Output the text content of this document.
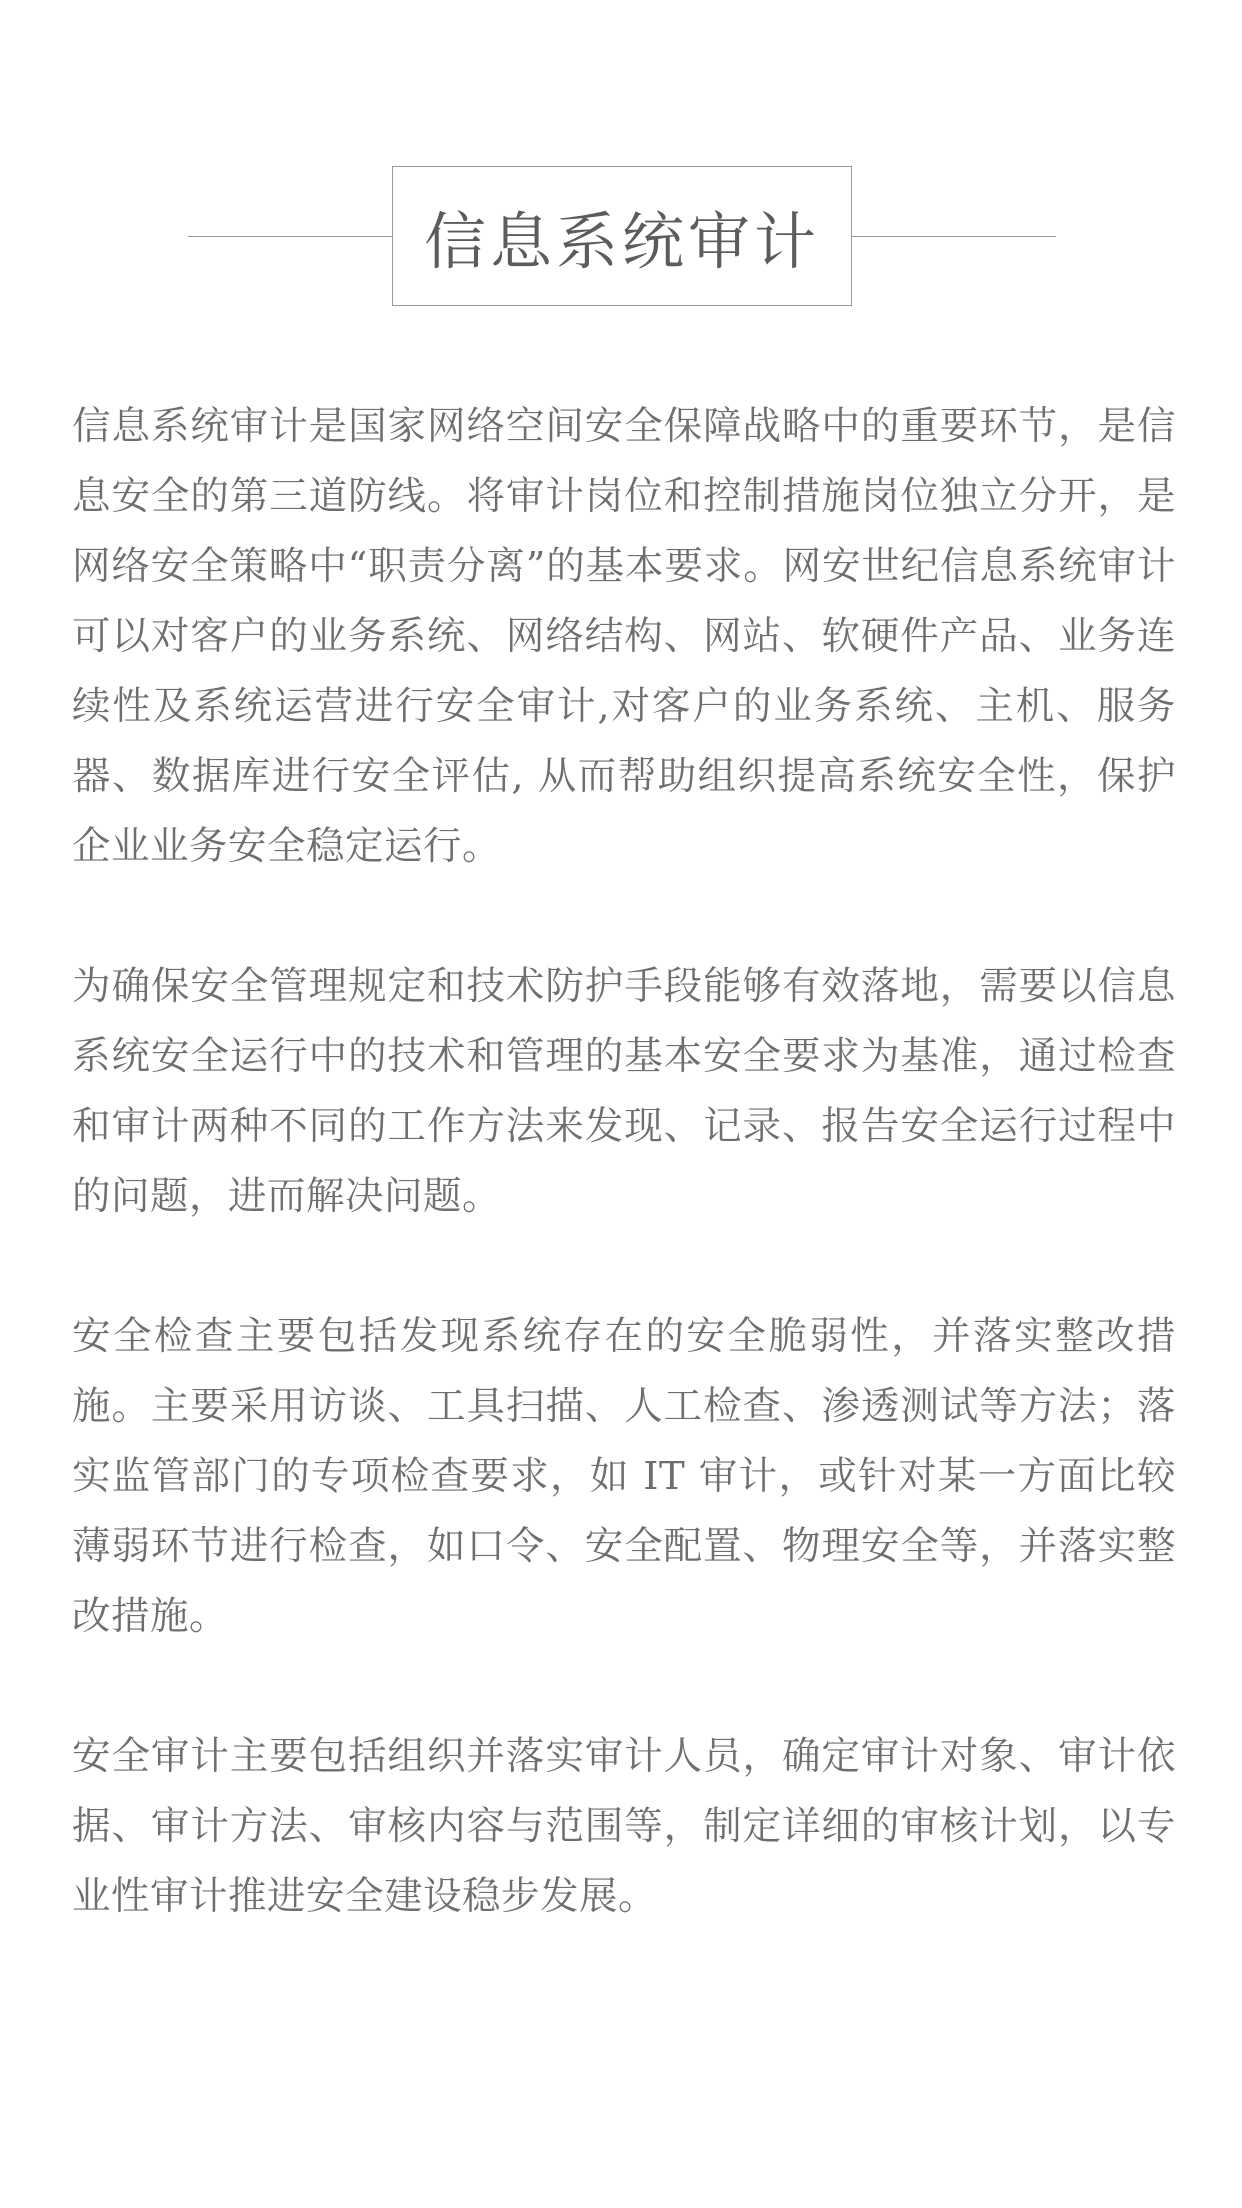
信息系统审计

信息系统审计是国家网络空间安全保障战略中的重要环节，是信息安全的第三道防线。将审计岗位和控制措施岗位独立分开，是网络安全策略中“职责分离”的基本要求。网安世纪信息系统审计可以对客户的业务系统、网络结构、网站、软硬件产品、业务连续性及系统运营进行安全审计,对客户的业务系统、主机、服务器、数据库进行安全评估, 从而帮助组织提高系统安全性，保护企业业务安全稳定运行。

为确保安全管理规定和技术防护手段能够有效落地，需要以信息系统安全运行中的技术和管理的基本安全要求为基准，通过检查和审计两种不同的工作方法来发现、记录、报告安全运行过程中的问题，进而解决问题。

安全检查主要包括发现系统存在的安全脆弱性，并落实整改措施。主要采用访谈、工具扫描、人工检查、渗透测试等方法；落实监管部门的专项检查要求，如 IT 审计，或针对某一方面比较薄弱环节进行检查，如口令、安全配置、物理安全等，并落实整改措施。

安全审计主要包括组织并落实审计人员，确定审计对象、审计依据、审计方法、审核内容与范围等，制定详细的审核计划，以专业性审计推进安全建设稳步发展。
